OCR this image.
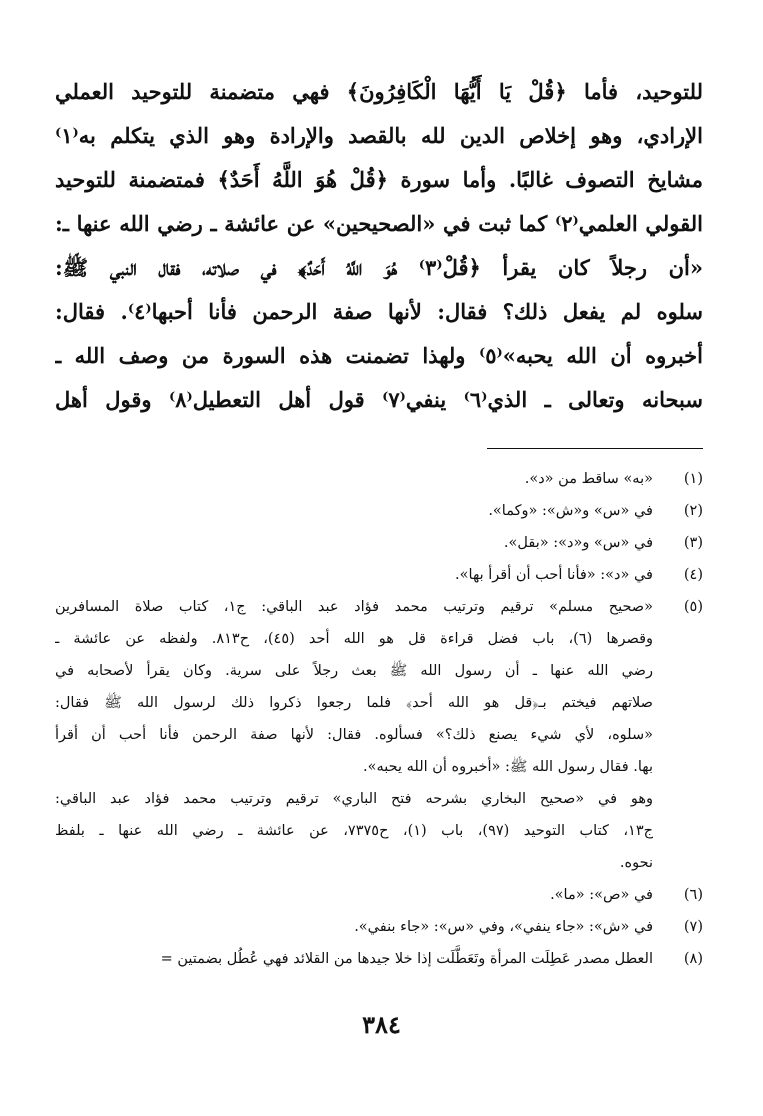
للتوحيد، فأما ﴿قُلْ يَا أَيُّهَا الْكَافِرُونَ﴾ فهي متضمنة للتوحيد العملي
الإرادي، وهو إخلاص الدين لله بالقصد والإرادة وهو الذي يتكلم به⁽١⁾
مشايخ التصوف غالبًا. وأما سورة ﴿قُلْ هُوَ اللَّهُ أَحَدٌ﴾ فمتضمنة للتوحيد
القولي العلمي⁽٢⁾ كما ثبت في «الصحيحين» عن عائشة ـ رضي الله عنها ـ:
«أن رجلاً كان يقرأ ﴿قُلْ⁽٣⁾ هُوَ اللَّهُ أَحَدٌ﴾ في صلاته، فقال النبي ﷺ:
سلوه لم يفعل ذلك؟ فقال: لأنها صفة الرحمن فأنا أحبها⁽٤⁾. فقال:
أخبروه أن الله يحبه»⁽٥⁾ ولهذا تضمنت هذه السورة من وصف الله ـ
سبحانه وتعالى ـ الذي⁽٦⁾ ينفي⁽٧⁾ قول أهل التعطيل⁽٨⁾ وقول أهل
(١)
«به» ساقط من «د».
(٢)
في «س» و«ش»: «وكما».
(٣)
في «س» و«د»: «بقل».
(٤)
في «د»: «فأنا أحب أن أقرأ بها».
(٥)
«صحيح مسلم» ترقيم وترتيب محمد فؤاد عبد الباقي: ج١، كتاب صلاة المسافرين
وقصرها (٦)، باب فضل قراءة قل هو الله أحد (٤٥)، ح٨١٣. ولفظه عن عائشة ـ
رضي الله عنها ـ أن رسول الله ﷺ بعث رجلاً على سرية. وكان يقرأ لأصحابه في
صلاتهم فيختم بـ﴿قل هو الله أحد﴾ فلما رجعوا ذكروا ذلك لرسول الله ﷺ فقال:
«سلوه، لأي شيء يصنع ذلك؟» فسألوه. فقال: لأنها صفة الرحمن فأنا أحب أن أقرأ
بها. فقال رسول الله ﷺ: «أخبروه أن الله يحبه».
وهو في «صحيح البخاري بشرحه فتح الباري» ترقيم وترتيب محمد فؤاد عبد الباقي:
ج١٣، كتاب التوحيد (٩٧)، باب (١)، ح٧٣٧٥، عن عائشة ـ رضي الله عنها ـ بلفظ
نحوه.
(٦)
في «ص»: «ما».
(٧)
في «ش»: «جاء ينفي»، وفي «س»: «جاء بنفي».
(٨)
العطل مصدر عَطِلَت المرأة وتَعَطَّلَت إذا خلا جيدها من القلائد فهي عُطُل بضمتين =
٣٨٤
